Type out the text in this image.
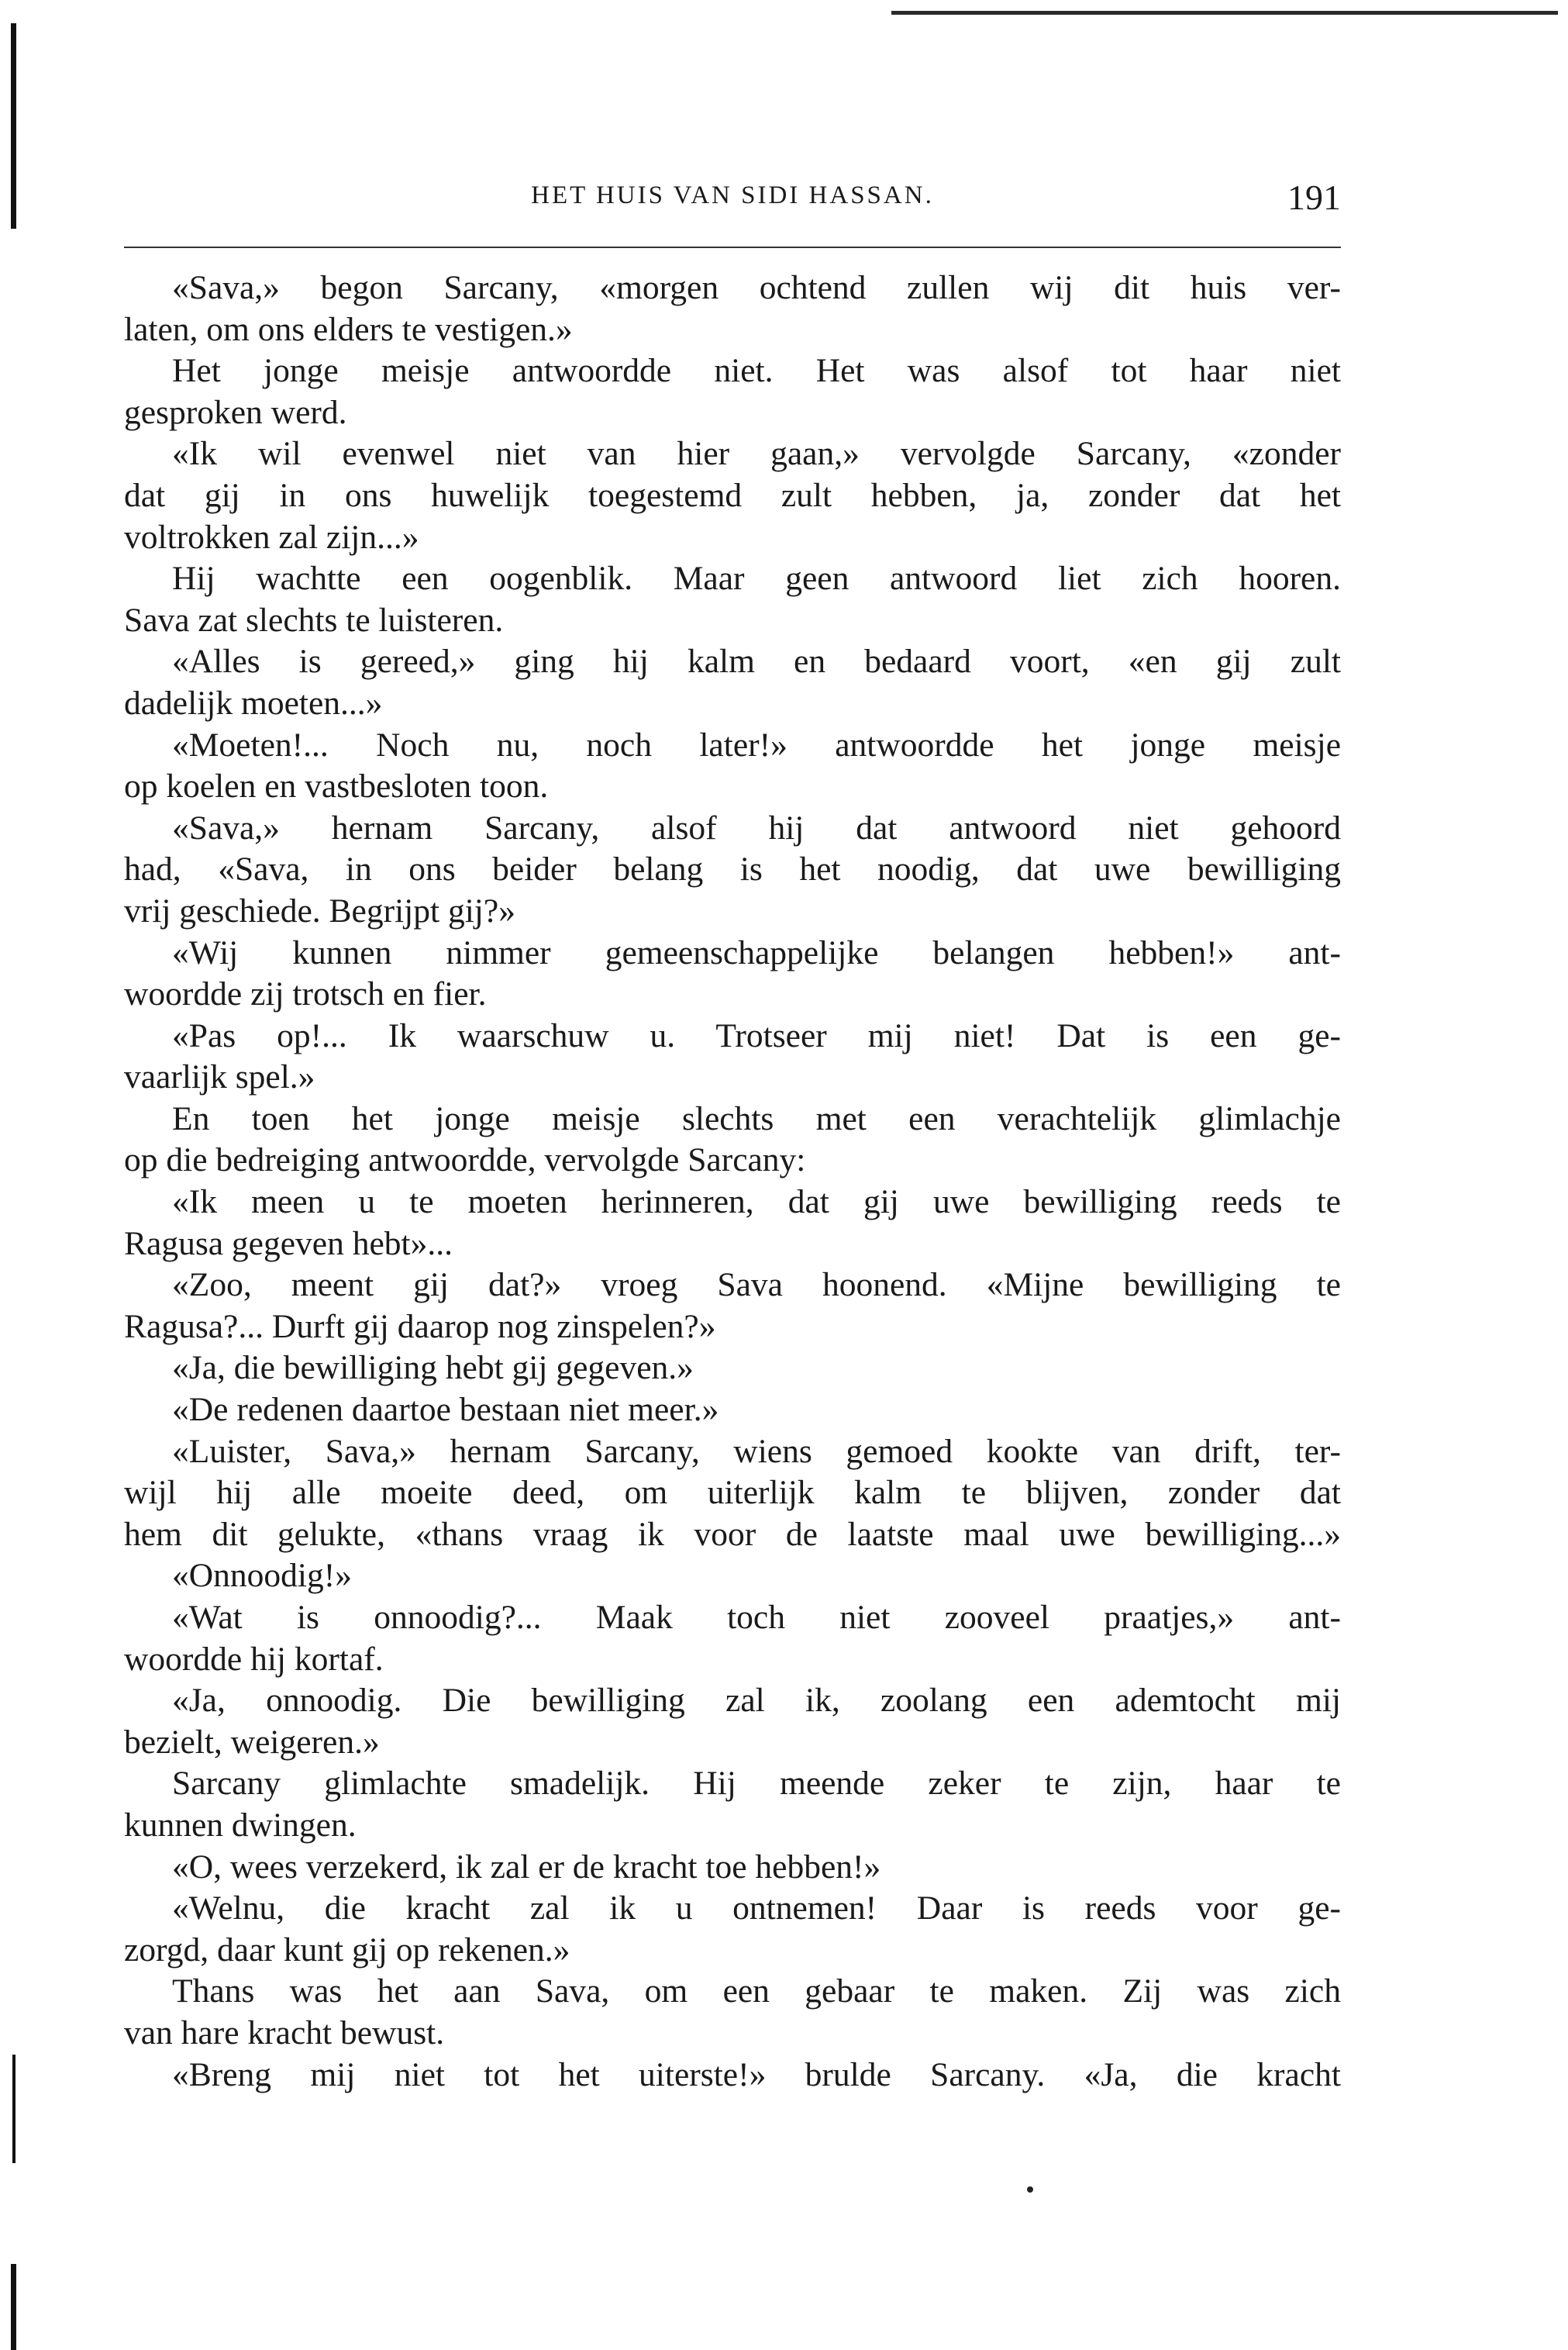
HET HUIS VAN SIDI HASSAN.	191
«Sava,» begon Sarcany, «morgen ochtend zullen wij dit huis ver-
laten, om ons elders te vestigen.»
Het jonge meisje antwoordde niet. Het was alsof tot haar niet
gesproken werd.
«Ik wil evenwel niet van hier gaan,» vervolgde Sarcany, «zonder
dat gij in ons huwelijk toegestemd zult hebben, ja, zonder dat het
voltrokken zal zijn...»
Hij wachtte een oogenblik. Maar geen antwoord liet zich hooren.
Sava zat slechts te luisteren.
«Alles is gereed,» ging hij kalm en bedaard voort, «en gij zult
dadelijk moeten...»
«Moeten!... Noch nu, noch later!» antwoordde het jonge meisje
op koelen en vastbesloten toon.
«Sava,» hernam Sarcany, alsof hij dat antwoord niet gehoord
had, «Sava, in ons beider belang is het noodig, dat uwe bewilliging
vrij geschiede. Begrijpt gij?»
«Wij kunnen nimmer gemeenschappelijke belangen hebben!» ant-
woordde zij trotsch en fier.
«Pas op!... Ik waarschuw u. Trotseer mij niet! Dat is een ge-
vaarlijk spel.»
En toen het jonge meisje slechts met een verachtelijk glimlachje
op die bedreiging antwoordde, vervolgde Sarcany:
«Ik meen u te moeten herinneren, dat gij uwe bewilliging reeds te
Ragusa gegeven hebt»...
«Zoo, meent gij dat?» vroeg Sava hoonend. «Mijne bewilliging te
Ragusa?... Durft gij daarop nog zinspelen?»
«Ja, die bewilliging hebt gij gegeven.»
«De redenen daartoe bestaan niet meer.»
«Luister, Sava,» hernam Sarcany, wiens gemoed kookte van drift, ter-
wijl hij alle moeite deed, om uiterlijk kalm te blijven, zonder dat
hem dit gelukte, «thans vraag ik voor de laatste maal uwe bewilliging...»
«Onnoodig!»
«Wat is onnoodig?... Maak toch niet zooveel praatjes,» ant-
woordde hij kortaf.
«Ja, onnoodig. Die bewilliging zal ik, zoolang een ademtocht mij
bezielt, weigeren.»
Sarcany glimlachte smadelijk. Hij meende zeker te zijn, haar te
kunnen dwingen.
«O, wees verzekerd, ik zal er de kracht toe hebben!»
«Welnu, die kracht zal ik u ontnemen! Daar is reeds voor ge-
zorgd, daar kunt gij op rekenen.»
Thans was het aan Sava, om een gebaar te maken. Zij was zich
van hare kracht bewust.
«Breng mij niet tot het uiterste!» brulde Sarcany. «Ja, die kracht
